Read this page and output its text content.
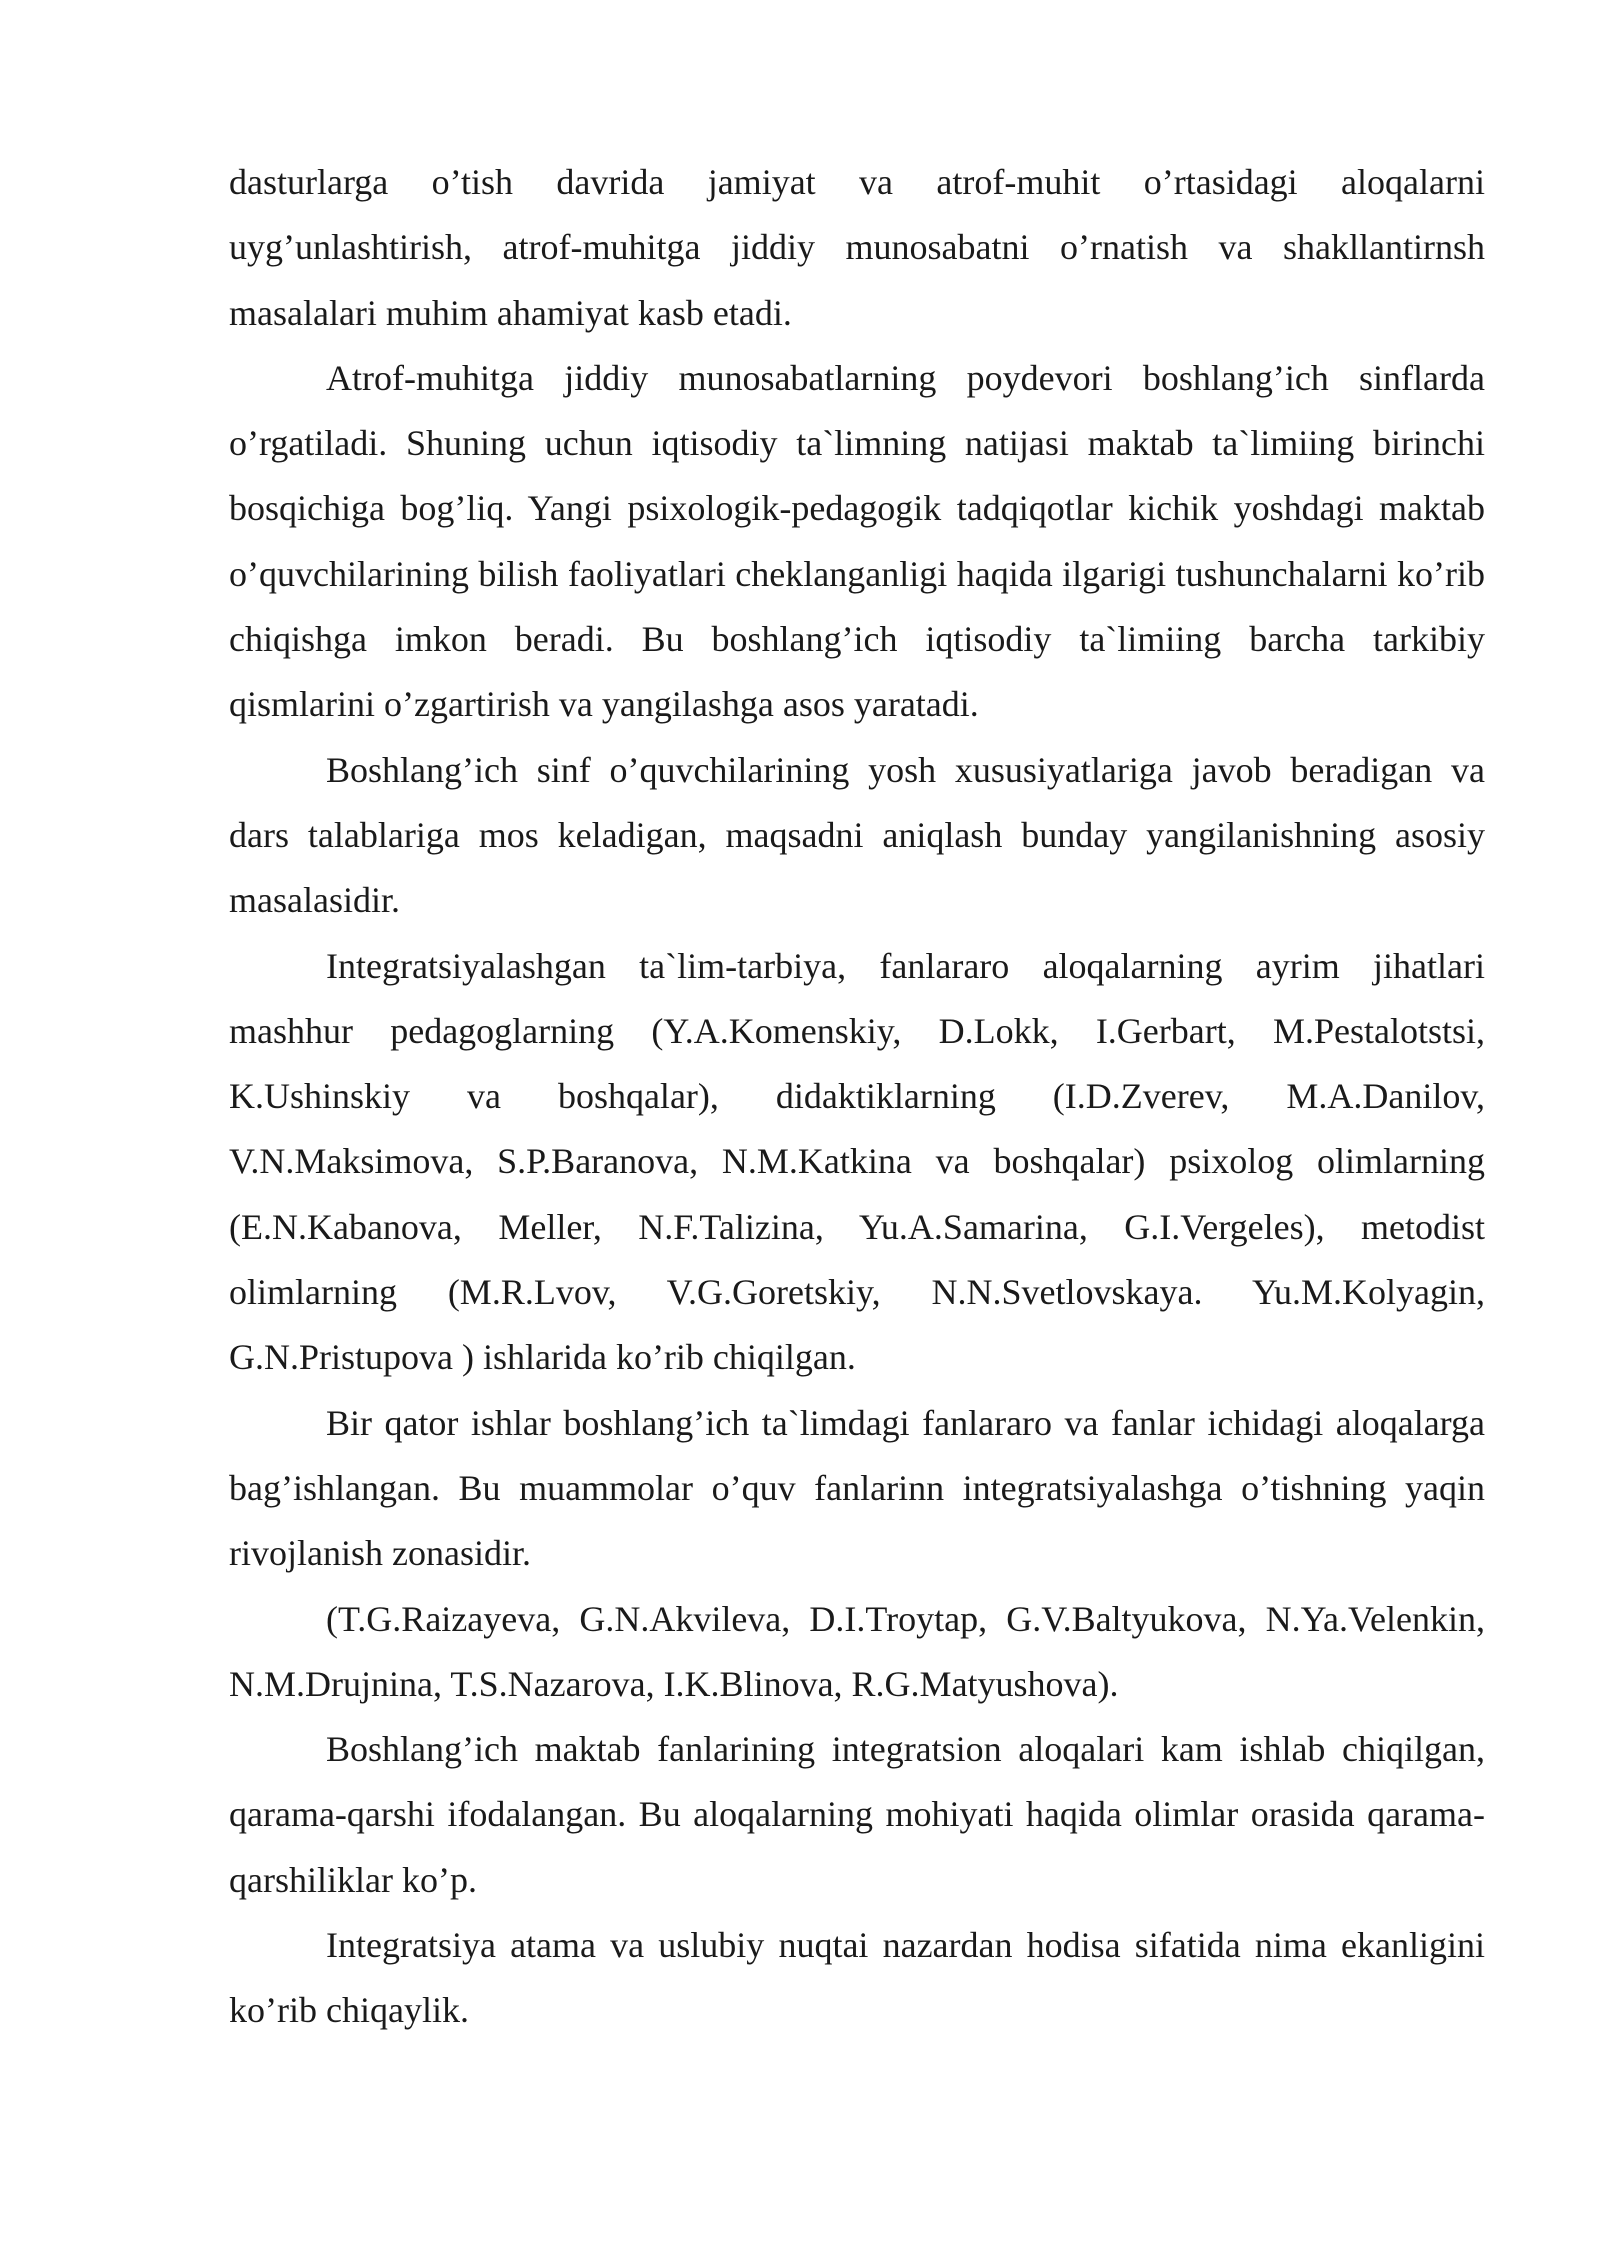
dasturlarga o’tish davrida jamiyat va atrof-muhit o’rtasidagi aloqalarni uyg’unlashtirish, atrof-muhitga jiddiy munosabatni o’rnatish va shakllantirnsh masalalari muhim ahamiyat kasb etadi.

Atrof-muhitga jiddiy munosabatlarning poydevori boshlang’ich sinflarda o’rgatiladi. Shuning uchun iqtisodiy ta`limning natijasi maktab ta`limiing birinchi bosqichiga bog’liq. Yangi psixologik-pedagogik tadqiqotlar kichik yoshdagi maktab o’quvchilarining bilish faoliyatlari cheklanganligi haqida ilgarigi tushunchalarni ko’rib chiqishga imkon beradi. Bu boshlang’ich iqtisodiy ta`limiing barcha tarkibiy qismlarini o’zgartirish va yangilashga asos yaratadi.

Boshlang’ich sinf o’quvchilarining yosh xususiyatlariga javob beradigan va dars talablariga mos keladigan, maqsadni aniqlash bunday yangilanishning asosiy masalasidir.

Integratsiyalashgan ta`lim-tarbiya, fanlararo aloqalarning ayrim jihatlari mashhur pedagoglarning (Y.A.Komenskiy, D.Lokk, I.Gerbart, M.Pestalotstsi, K.Ushinskiy va boshqalar), didaktiklarning (I.D.Zverev, M.A.Danilov, V.N.Maksimova, S.P.Baranova, N.M.Katkina va boshqalar) psixolog olimlarning (E.N.Kabanova, Meller, N.F.Talizina, Yu.A.Samarina, G.I.Vergeles), metodist olimlarning (M.R.Lvov, V.G.Goretskiy, N.N.Svetlovskaya. Yu.M.Kolyagin, G.N.Pristupova ) ishlarida ko’rib chiqilgan.

Bir qator ishlar boshlang’ich ta`limdagi fanlararo va fanlar ichidagi aloqalarga bag’ishlangan. Bu muammolar o’quv fanlarinn integratsiyalashga o’tishning yaqin rivojlanish zonasidir.

(T.G.Raizayeva, G.N.Akvileva, D.I.Troytap, G.V.Baltyukova, N.Ya.Velenkin, N.M.Drujnina, T.S.Nazarova, I.K.Blinova, R.G.Matyushova).

Boshlang’ich maktab fanlarining integratsion aloqalari kam ishlab chiqilgan, qarama-qarshi ifodalangan. Bu aloqalarning mohiyati haqida olimlar orasida qarama-qarshiliklar ko’p.

Integratsiya atama va uslubiy nuqtai nazardan hodisa sifatida nima ekanligini ko’rib chiqaylik.
